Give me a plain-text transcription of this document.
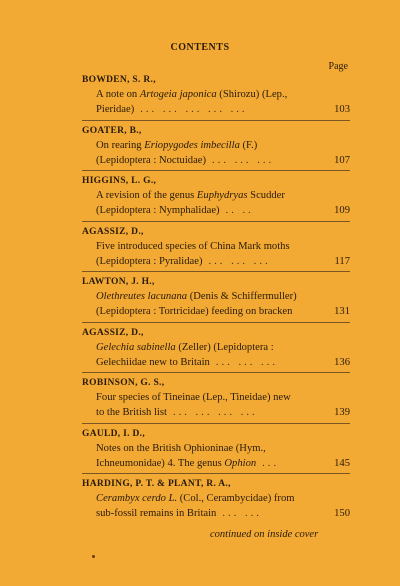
CONTENTS
Page
BOWDEN, S. R.,
A note on Artogeia japonica (Shirozu) (Lep.,
Pieridae) ... ... ... ... ...	103
GOATER, B.,
On rearing Eriopygodes imbecilla (F.)
(Lepidoptera : Noctuidae) ... ... ...	107
HIGGINS, L. G.,
A revision of the genus Euphydryas Scudder
(Lepidoptera : Nymphalidae) .. ..	109
AGASSIZ, D.,
Five introduced species of China Mark moths
(Lepidoptera : Pyralidae) ... ... ...	117
LAWTON, J. H.,
Olethreutes lacunana (Denis & Schiffermuller)
(Lepidoptera : Tortricidae) feeding on bracken	131
AGASSIZ, D.,
Gelechia sabinella (Zeller) (Lepidoptera :
Gelechiidae new to Britain ... ... ...	136
ROBINSON, G. S.,
Four species of Tineinae (Lep., Tineidae) new
to the British list ... ... ... ...	139
GAULD, I. D.,
Notes on the British Ophioninae (Hym.,
Ichneumonidae) 4. The genus Ophion ...	145
HARDING, P. T. & PLANT, R. A.,
Cerambyx cerdo L. (Col., Cerambycidae) from
sub-fossil remains in Britain ... ...	150
continued on inside cover
